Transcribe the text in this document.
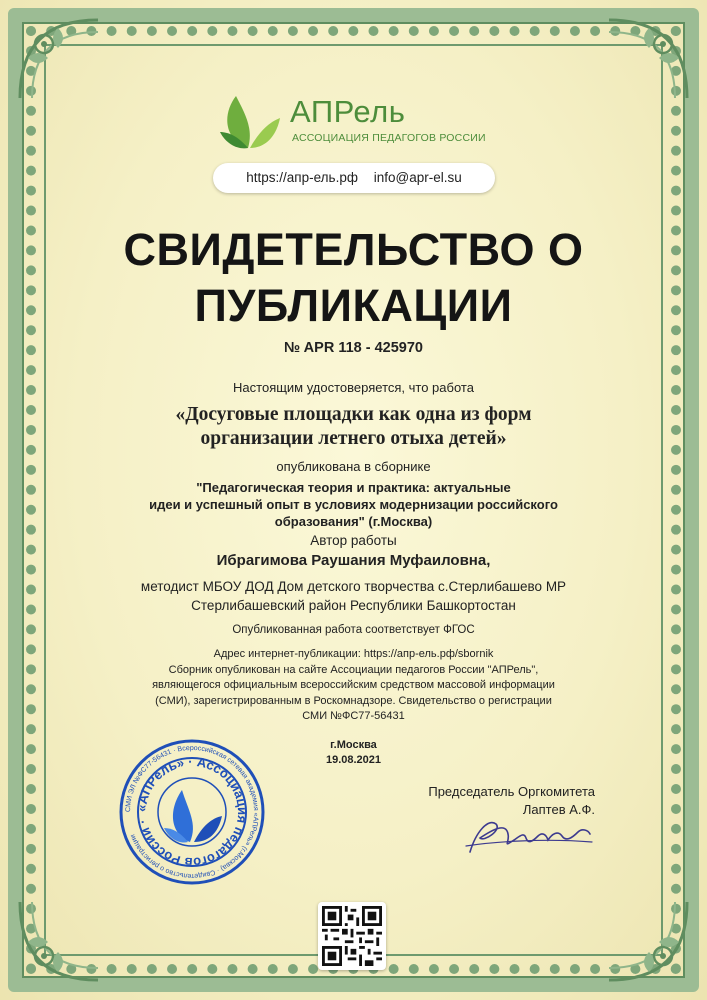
АПРель
АССОЦИАЦИЯ ПЕДАГОГОВ РОССИИ
https://апр-ель.рф info@apr-el.su
СВИДЕТЕЛЬСТВО О
ПУБЛИКАЦИИ
№ APR 118 - 425970
Настоящим удостоверяется, что работа
«Досуговые площадки как одна из форм
организации летнего отыха детей»
опубликована в сборнике
"Педагогическая теория и практика: актуальные
идеи и успешный опыт в условиях модернизации российского
образования" (г.Москва)
Автор работы
Ибрагимова Раушания Муфаиловна,
методист МБОУ ДОД Дом детского творчества с.Стерлибашево МР
Стерлибашевский район Республики Башкортостан
Опубликованная работа соответствует ФГОС
Адрес интернет-публикации: https://апр-ель.рф/sbornik
Сборник опубликован на сайте Ассоциации педагогов России "АПРель",
являющегося официальным всероссийским средством массовой информации
(СМИ), зарегистрированным в Роскомнадзоре. Свидетельство о регистрации
СМИ №ФС77-56431
г.Москва
19.08.2021
Председатель Оргкомитета
Лаптев А.Ф.
СМИ ЭЛ №ФС77-56431 · Всероссийская сетевая академия «АПРель» (г.Москва) · Свидетельство о регистрации
«АПРель» · Ассоциация педагогов России ·
